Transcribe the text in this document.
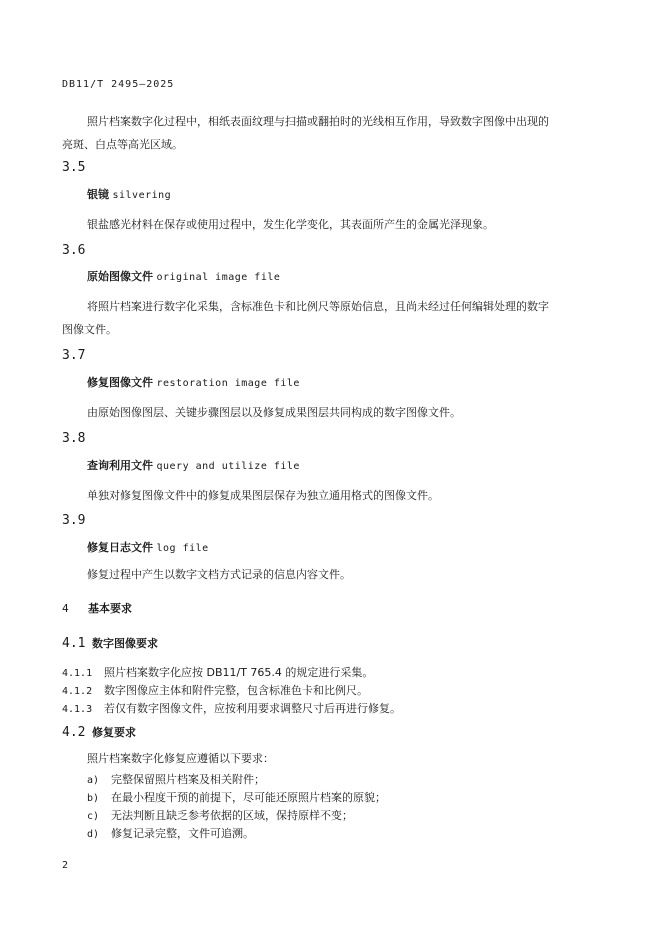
DB11/T 2495—2025
照片档案数字化过程中，相纸表面纹理与扫描或翻拍时的光线相互作用，导致数字图像中出现的
亮斑、白点等高光区域。
3.5
银镜 silvering
银盐感光材料在保存或使用过程中，发生化学变化，其表面所产生的金属光泽现象。
3.6
原始图像文件 original image file
将照片档案进行数字化采集，含标准色卡和比例尺等原始信息，且尚未经过任何编辑处理的数字
图像文件。
3.7
修复图像文件 restoration image file
由原始图像图层、关键步骤图层以及修复成果图层共同构成的数字图像文件。
3.8
查询利用文件 query and utilize file
单独对修复图像文件中的修复成果图层保存为独立通用格式的图像文件。
3.9
修复日志文件 log file
修复过程中产生以数字文档方式记录的信息内容文件。
4 基本要求
4.1 数字图像要求
4.1.1 照片档案数字化应按 DB11/T 765.4 的规定进行采集。
4.1.2 数字图像应主体和附件完整，包含标准色卡和比例尺。
4.1.3 若仅有数字图像文件，应按利用要求调整尺寸后再进行修复。
4.2 修复要求
照片档案数字化修复应遵循以下要求：
a) 完整保留照片档案及相关附件；
b) 在最小程度干预的前提下，尽可能还原照片档案的原貌；
c) 无法判断且缺乏参考依据的区域，保持原样不变；
d) 修复记录完整，文件可追溯。
2
